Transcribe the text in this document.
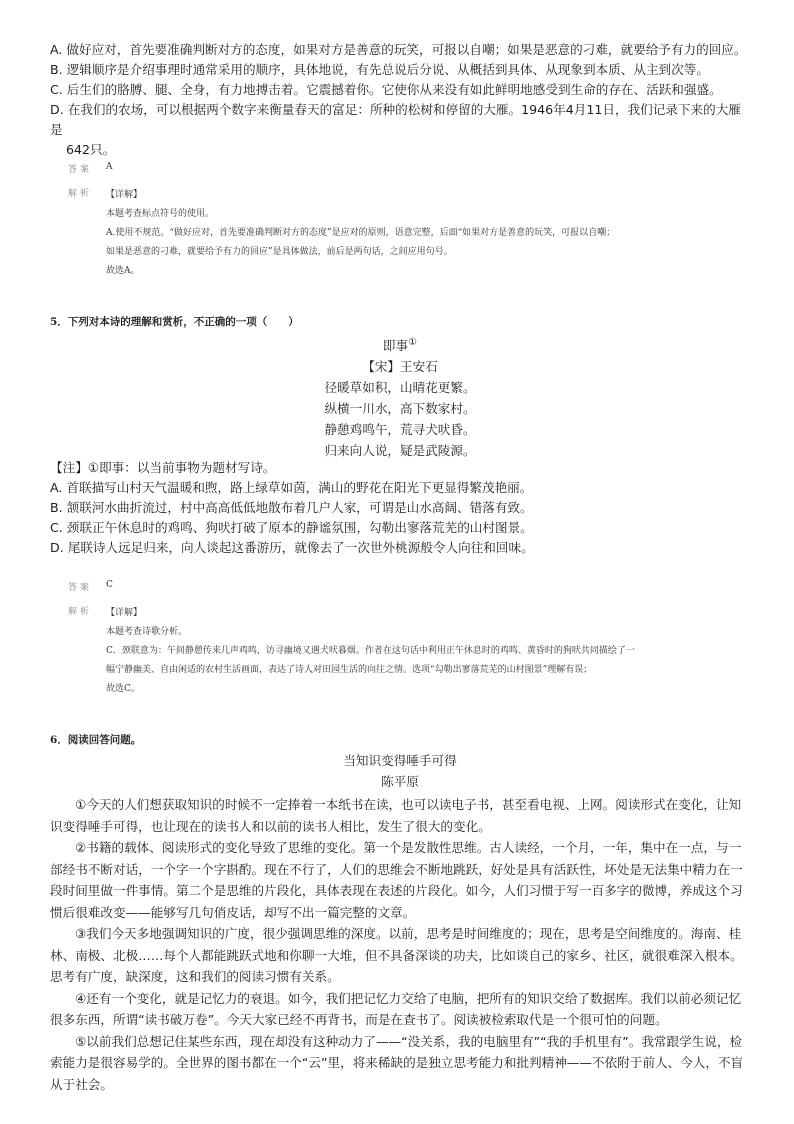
A. 做好应对，首先要准确判断对方的态度，如果对方是善意的玩笑，可报以自嘲；如果是恶意的刁难，就要给予有力的回应。
B. 逻辑顺序是介绍事理时通常采用的顺序，具体地说，有先总说后分说、从概括到具体、从现象到本质、从主到次等。
C. 后生们的胳膊、腿、全身，有力地搏击着。它震撼着你。它使你从来没有如此鲜明地感受到生命的存在、活跃和强盛。
D. 在我们的农场，可以根据两个数字来衡量春天的富足：所种的松树和停留的大雁。1946年4月11日，我们记录下来的大雁是
642只。
答案 A
解析 【详解】
本题考查标点符号的使用。
A.使用不规范。“做好应对，首先要准确判断对方的态度”是应对的原则，语意完整，后面“如果对方是善意的玩笑，可报以自嘲；
如果是恶意的刁难，就要给予有力的回应”是具体做法，前后是两句话，之间应用句号。
故选A。
5．下列对本诗的理解和赏析，不正确的一项（　　）
即事①
【宋】王安石
径暖草如积，山晴花更繁。
纵横一川水，高下数家村。
静憩鸡鸣午，荒寻犬吠昏。
归来向人说，疑是武陵源。
【注】①即事：以当前事物为题材写诗。
A. 首联描写山村天气温暖和煦，路上绿草如茵，满山的野花在阳光下更显得繁茂艳丽。
B. 颔联河水曲折流过，村中高高低低地散布着几户人家，可谓是山水高阔、错落有致。
C. 颈联正午休息时的鸡鸣、狗吠打破了原本的静谧氛围，勾勒出寥落荒芜的山村图景。
D. 尾联诗人远足归来，向人谈起这番游历，就像去了一次世外桃源般令人向往和回味。
答案 C
解析 【详解】
本题考查诗歌分析。
C．颈联意为：午间静憩传来几声鸡鸣，访寻幽境又遇犬吠暮烟。作者在这句话中利用正午休息时的鸡鸣、黄昏时的狗吠共同描绘了一
幅宁静幽美、自由闲适的农村生活画面，表达了诗人对田园生活的向往之情。选项“勾勒出寥落荒芜的山村图景”理解有误；
故选C。
6．阅读回答问题。
当知识变得唾手可得
陈平原

①今天的人们想获取知识的时候不一定捧着一本纸书在读，也可以读电子书，甚至看电视、上网。阅读形式在变化，让知识变得唾手可得，也让现在的读书人和以前的读书人相比，发生了很大的变化。

②书籍的载体、阅读形式的变化导致了思维的变化。第一个是发散性思维。古人读经，一个月，一年，集中在一点，与一部经书不断对话，一个字一个字斟酌。现在不行了，人们的思维会不断地跳跃，好处是具有活跃性，坏处是无法集中精力在一段时间里做一件事情。第二个是思维的片段化，具体表现在表述的片段化。如今，人们习惯于写一百多字的微博，养成这个习惯后很难改变——能够写几句俏皮话，却写不出一篇完整的文章。

③我们今天多地强调知识的广度，很少强调思维的深度。以前，思考是时间维度的；现在，思考是空间维度的。海南、桂林、南极、北极……每个人都能跳跃式地和你聊一大堆，但不具备深谈的功夫，比如谈自己的家乡、社区，就很难深入根本。思考有广度，缺深度，这和我们的阅读习惯有关系。

④还有一个变化，就是记忆力的衰退。如今，我们把记忆力交给了电脑，把所有的知识交给了数据库。我们以前必须记忆很多东西，所谓“读书破万卷”。今天大家已经不再背书，而是在查书了。阅读被检索取代是一个很可怕的问题。

⑤以前我们总想记住某些东西，现在却没有这种动力了——“没关系，我的电脑里有”“我的手机里有”。我常跟学生说，检索能力是很容易学的。全世界的图书都在一个“云”里，将来稀缺的是独立思考能力和批判精神——不依附于前人、今人，不盲从于社会。
